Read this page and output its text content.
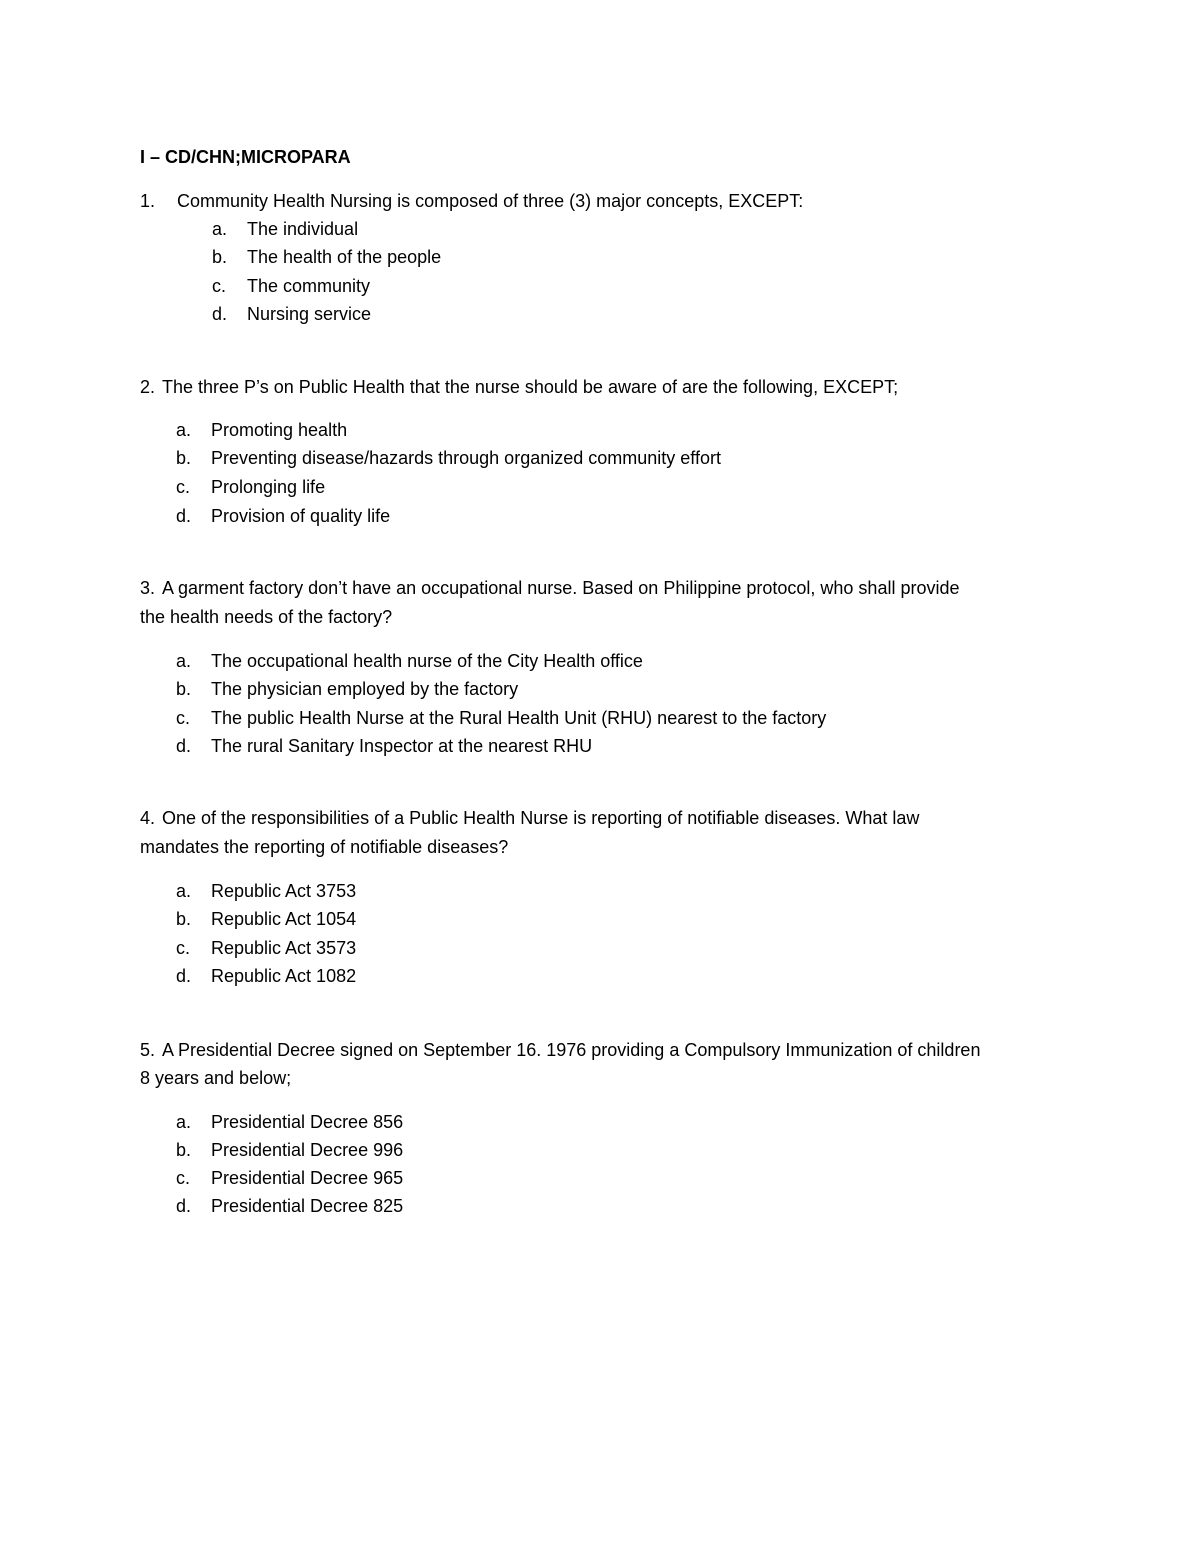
I – CD/CHN;MICROPARA
1. Community Health Nursing is composed of three (3) major concepts, EXCEPT:
a. The individual
b. The health of the people
c. The community
d. Nursing service
2. The three P’s on Public Health that the nurse should be aware of are the following, EXCEPT;
a. Promoting health
b. Preventing disease/hazards through organized community effort
c. Prolonging life
d. Provision of quality life
3. A garment factory don’t have an occupational nurse. Based on Philippine protocol, who shall provide
the health needs of the factory?
a. The occupational health nurse of the City Health office
b. The physician employed by the factory
c. The public Health Nurse at the Rural Health Unit (RHU) nearest to the factory
d. The rural Sanitary Inspector at the nearest RHU
4. One of the responsibilities of a Public Health Nurse is reporting of notifiable diseases. What law
mandates the reporting of notifiable diseases?
a. Republic Act 3753
b. Republic Act 1054
c. Republic Act 3573
d. Republic Act 1082
5. A Presidential Decree signed on September 16. 1976 providing a Compulsory Immunization of children
8 years and below;
a. Presidential Decree 856
b. Presidential Decree 996
c. Presidential Decree 965
d. Presidential Decree 825
